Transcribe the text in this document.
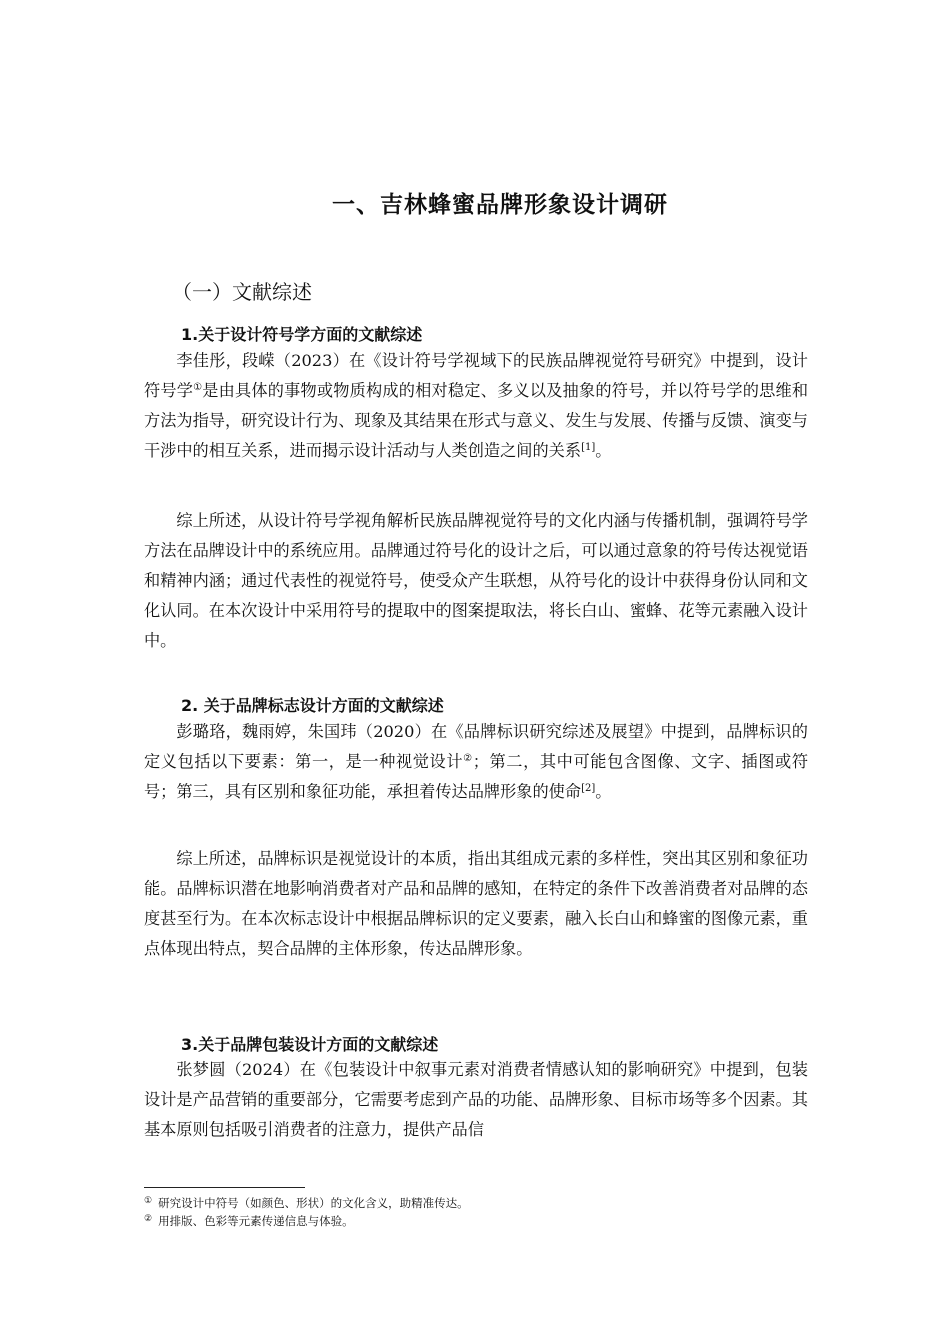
一、吉林蜂蜜品牌形象设计调研
（一）文献综述
1.关于设计符号学方面的文献综述

李佳彤，段嵘（2023）在《设计符号学视域下的民族品牌视觉符号研究》中提到，设计符号学①是由具体的事物或物质构成的相对稳定、多义以及抽象的符号，并以符号学的思维和方法为指导，研究设计行为、现象及其结果在形式与意义、发生与发展、传播与反馈、演变与干涉中的相互关系，进而揭示设计活动与人类创造之间的关系[1]。

综上所述，从设计符号学视角解析民族品牌视觉符号的文化内涵与传播机制，强调符号学方法在品牌设计中的系统应用。品牌通过符号化的设计之后，可以通过意象的符号传达视觉语和精神内涵；通过代表性的视觉符号，使受众产生联想，从符号化的设计中获得身份认同和文化认同。在本次设计中采用符号的提取中的图案提取法，将长白山、蜜蜂、花等元素融入设计中。

2. 关于品牌标志设计方面的文献综述

彭璐珞，魏雨婷，朱国玮（2020）在《品牌标识研究综述及展望》中提到，品牌标识的定义包括以下要素：第一，是一种视觉设计②；第二，其中可能包含图像、文字、插图或符号；第三，具有区别和象征功能，承担着传达品牌形象的使命[2]。

综上所述，品牌标识是视觉设计的本质，指出其组成元素的多样性，突出其区别和象征功能。品牌标识潜在地影响消费者对产品和品牌的感知，在特定的条件下改善消费者对品牌的态度甚至行为。在本次标志设计中根据品牌标识的定义要素，融入长白山和蜂蜜的图像元素，重点体现出特点，契合品牌的主体形象，传达品牌形象。

3.关于品牌包装设计方面的文献综述

张梦圆（2024）在《包装设计中叙事元素对消费者情感认知的影响研究》中提到，包装设计是产品营销的重要部分，它需要考虑到产品的功能、品牌形象、目标市场等多个因素。其基本原则包括吸引消费者的注意力，提供产品信

① 研究设计中符号（如颜色、形状）的文化含义，助精准传达。
② 用排版、色彩等元素传递信息与体验。
